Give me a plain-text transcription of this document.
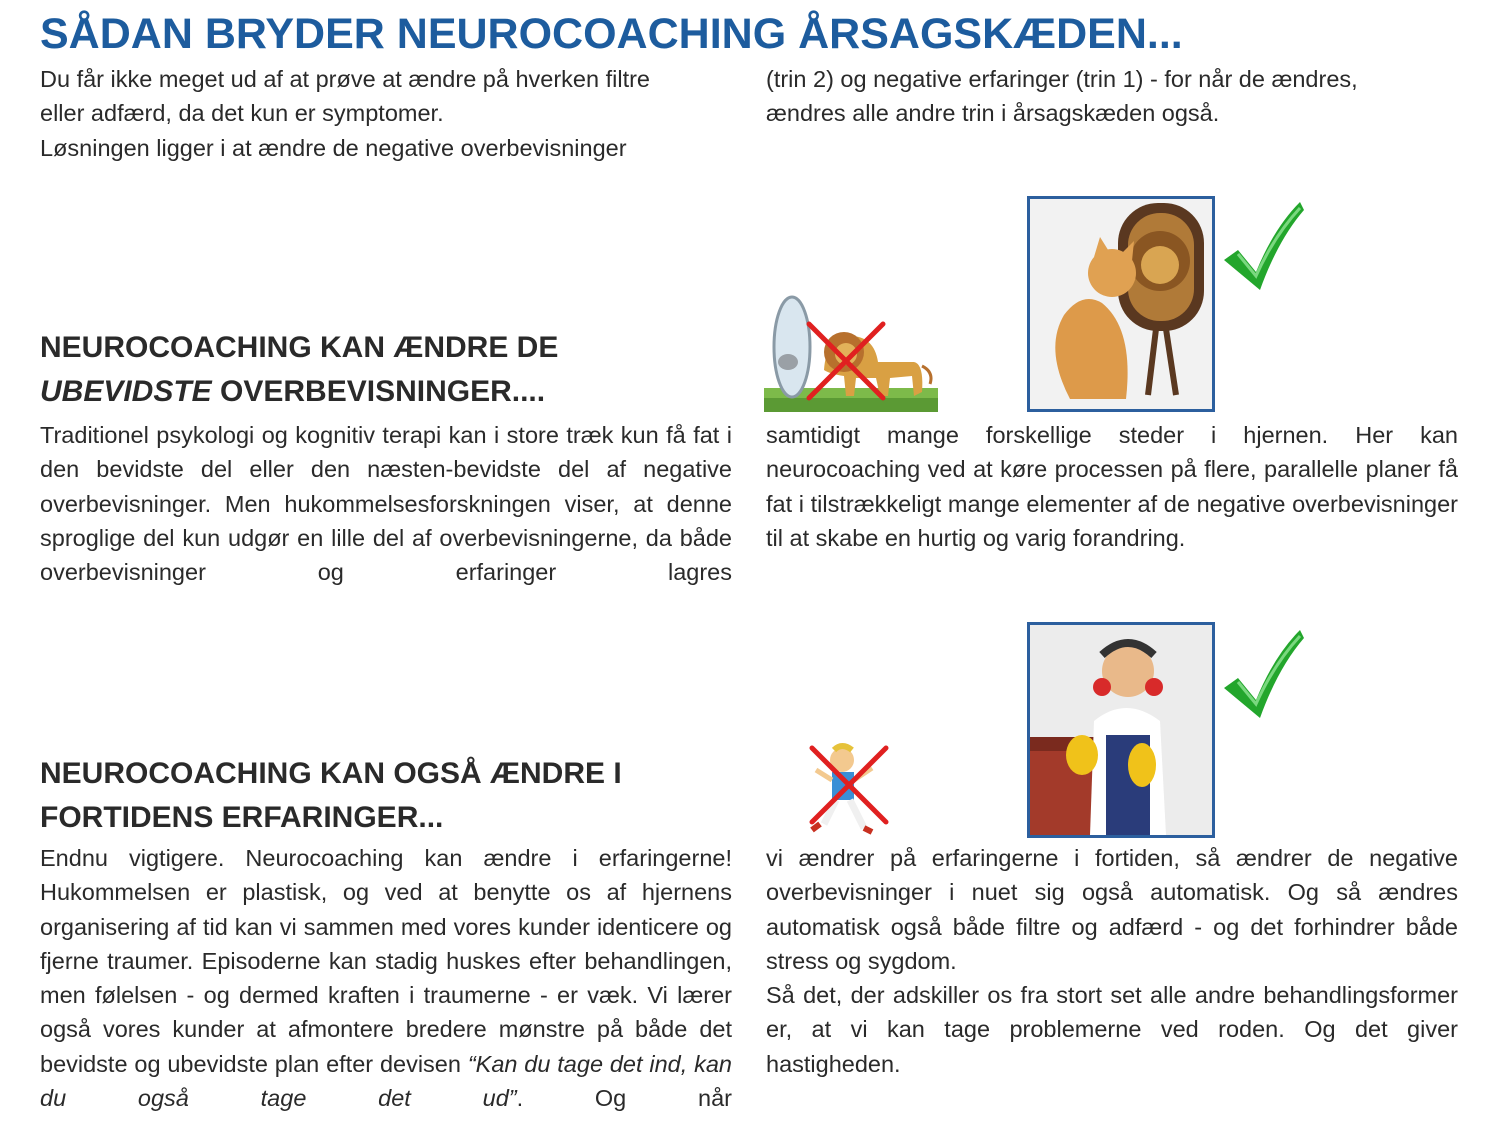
SÅDAN BRYDER NEUROCOACHING ÅRSAGSKÆDEN...

Du får ikke meget ud af at prøve at ændre på hverken filtre

eller adfærd, da det kun er symptomer.

Løsningen ligger i at ændre de negative overbevisninger

(trin 2) og negative erfaringer (trin 1) - for når de ændres,

ændres alle andre trin i årsagskæden også.

NEUROCOACHING KAN ÆNDRE DE
UBEVIDSTE OVERBEVISNINGER....

Traditionel psykologi og kognitiv terapi kan i store træk kun få fat i den bevidste del eller den næsten-bevidste del af negative overbevisninger. Men hukommelsesforskningen viser, at denne sproglige del kun udgør en lille del af overbevisningerne, da både overbevisninger og erfaringer lagres

samtidigt mange forskellige steder i hjernen. Her kan neurocoaching ved at køre processen på flere, parallelle planer få fat i tilstrækkeligt mange elementer af de negative overbevisninger til at skabe en hurtig og varig forandring.

NEUROCOACHING KAN OGSÅ ÆNDRE I
FORTIDENS ERFARINGER...

Endnu vigtigere. Neurocoaching kan ændre i erfaringerne! Hukommelsen er plastisk, og ved at benytte os af hjernens organisering af tid kan vi sammen med vores kunder identicere og fjerne traumer. Episoderne kan stadig huskes efter behandlingen, men følelsen - og dermed kraften i traumerne - er væk. Vi lærer også vores kunder at afmontere bredere mønstre på både det bevidste og ubevidste plan efter devisen “Kan du tage det ind, kan du også tage det ud”. Og når

vi ændrer på erfaringerne i fortiden, så ændrer de negative overbevisninger i nuet sig også automatisk. Og så ændres automatisk også både filtre og adfærd - og det forhindrer både stress og sygdom.

Så det, der adskiller os fra stort set alle andre behandlingsformer er, at vi kan tage problemerne ved roden. Og det giver hastigheden.
